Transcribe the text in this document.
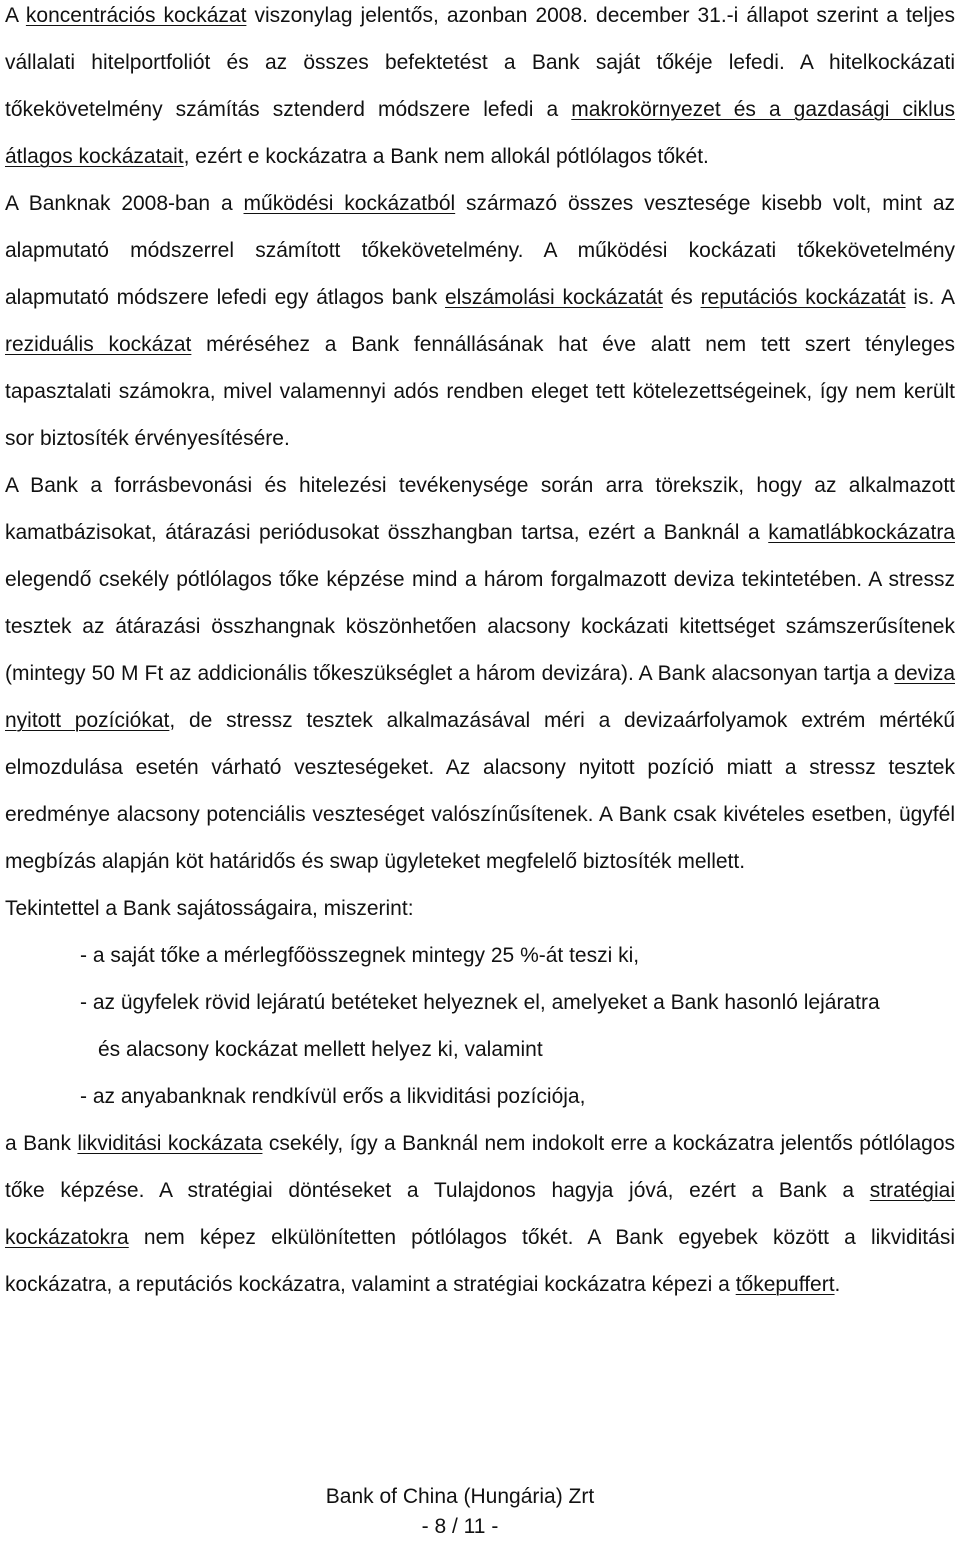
A koncentrációs kockázat viszonylag jelentős, azonban 2008. december 31.-i állapot szerint a teljes vállalati hitelportfoliót és az összes befektetést a Bank saját tőkéje lefedi. A hitelkockázati tőkekövetelmény számítás sztenderd módszere lefedi a makrokörnyezet és a gazdasági ciklus átlagos kockázatait, ezért e kockázatra a Bank nem allokál pótlólagos tőkét.

A Banknak 2008-ban a működési kockázatból származó összes vesztesége kisebb volt, mint az alapmutató módszerrel számított tőkekövetelmény. A működési kockázati tőkekövetelmény alapmutató módszere lefedi egy átlagos bank elszámolási kockázatát és reputációs kockázatát is. A reziduális kockázat méréséhez a Bank fennállásának hat éve alatt nem tett szert tényleges tapasztalati számokra, mivel valamennyi adós rendben eleget tett kötelezettségeinek, így nem került sor biztosíték érvényesítésére.

A Bank a forrásbevonási és hitelezési tevékenysége során arra törekszik, hogy az alkalmazott kamatbázisokat, átárazási periódusokat összhangban tartsa, ezért a Banknál a kamatlábkockázatra elegendő csekély pótlólagos tőke képzése mind a három forgalmazott deviza tekintetében. A stressz tesztek az átárazási összhangnak köszönhetően alacsony kockázati kitettséget számszerűsítenek (mintegy 50 M Ft az addicionális tőkeszükséglet a három devizára). A Bank alacsonyan tartja a deviza nyitott pozíciókat, de stressz tesztek alkalmazásával méri a devizaárfolyamok extrém mértékű elmozdulása esetén várható veszteségeket. Az alacsony nyitott pozíció miatt a stressz tesztek eredménye alacsony potenciális veszteséget valószínűsítenek. A Bank csak kivételes esetben, ügyfél megbízás alapján köt határidős és swap ügyleteket megfelelő biztosíték mellett.

Tekintettel a Bank sajátosságaira, miszerint:

- a saját tőke a mérlegfőösszegnek mintegy 25 %-át teszi ki,
- az ügyfelek rövid lejáratú betéteket helyeznek el, amelyeket a Bank hasonló lejáratra
és alacsony kockázat mellett helyez ki, valamint
- az anyabanknak rendkívül erős a likviditási pozíciója,

a Bank likviditási kockázata csekély, így a Banknál nem indokolt erre a kockázatra jelentős pótlólagos tőke képzése. A stratégiai döntéseket a Tulajdonos hagyja jóvá, ezért a Bank a stratégiai kockázatokra nem képez elkülönítetten pótlólagos tőkét. A Bank egyebek között a likviditási kockázatra, a reputációs kockázatra, valamint a stratégiai kockázatra képezi a tőkepuffert.

Bank of China (Hungária) Zrt
- 8 / 11 -
